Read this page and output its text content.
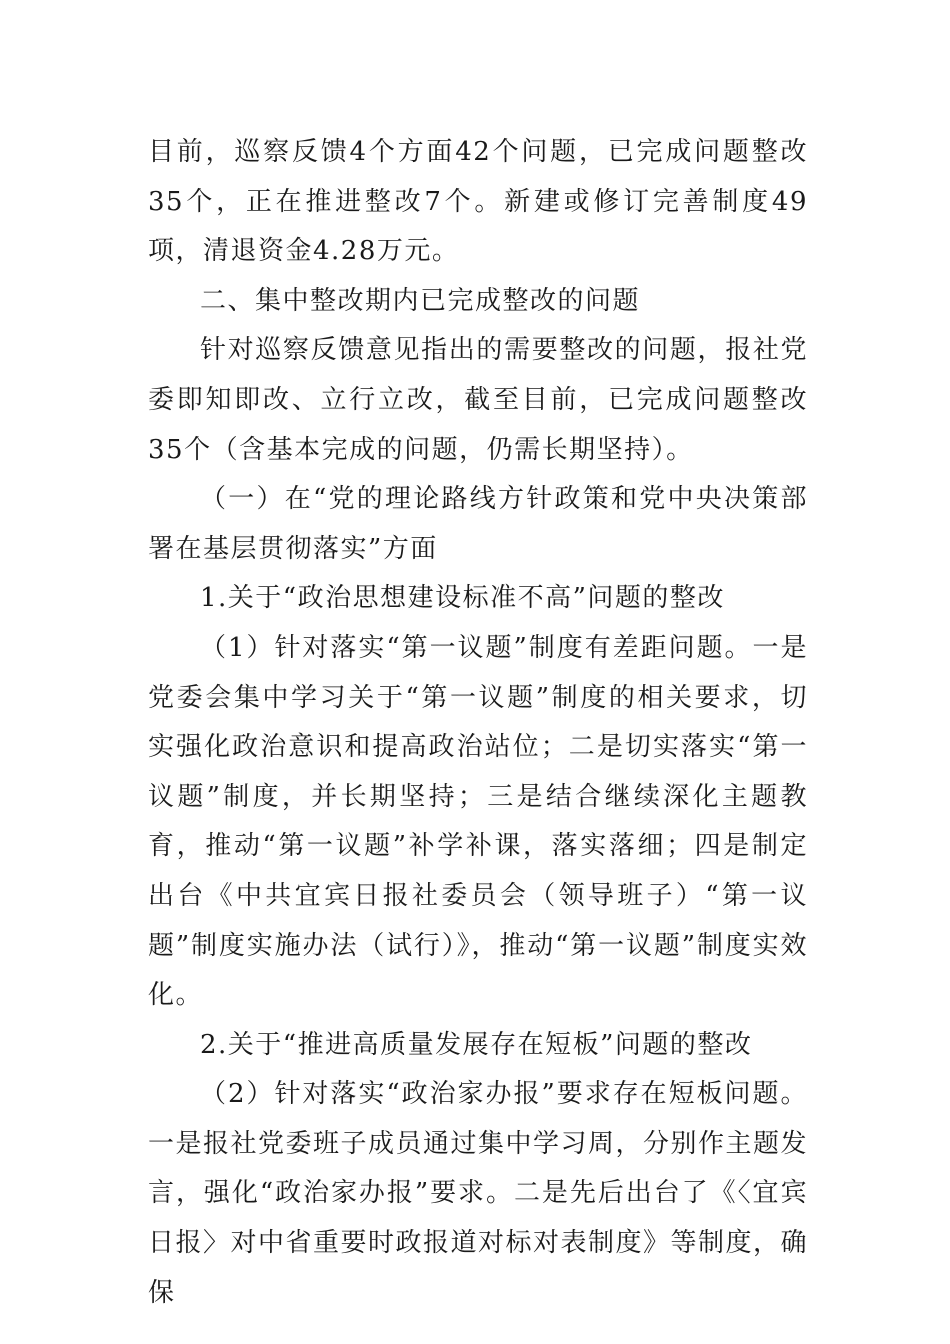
目前，巡察反馈4个方面42个问题，已完成问题整改35个，正在推进整改7个。新建或修订完善制度49项，清退资金4.28万元。

二、集中整改期内已完成整改的问题

针对巡察反馈意见指出的需要整改的问题，报社党委即知即改、立行立改，截至目前，已完成问题整改35个（含基本完成的问题，仍需长期坚持）。

（一）在“党的理论路线方针政策和党中央决策部署在基层贯彻落实”方面

1.关于“政治思想建设标准不高”问题的整改

（1）针对落实“第一议题”制度有差距问题。一是党委会集中学习关于“第一议题”制度的相关要求，切实强化政治意识和提高政治站位；二是切实落实“第一议题”制度，并长期坚持；三是结合继续深化主题教育，推动“第一议题”补学补课，落实落细；四是制定出台《中共宜宾日报社委员会（领导班子）“第一议题”制度实施办法（试行）》，推动“第一议题”制度实效化。

2.关于“推进高质量发展存在短板”问题的整改

（2）针对落实“政治家办报”要求存在短板问题。一是报社党委班子成员通过集中学习周，分别作主题发言，强化“政治家办报”要求。二是先后出台了《〈宜宾日报〉对中省重要时政报道对标对表制度》等制度，确保
